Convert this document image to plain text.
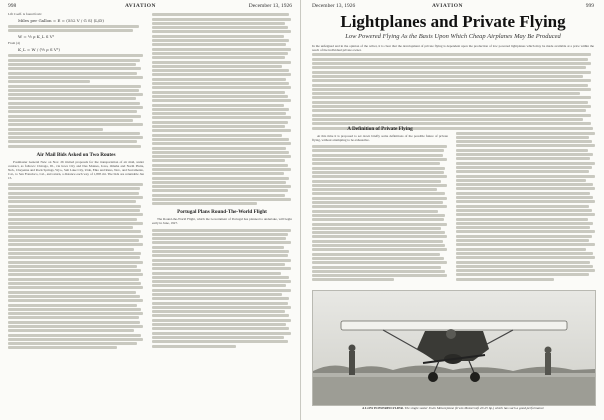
998	AVIATION	December 13, 1926
Lift Coeff. is found from:
Miles per Gallon = E = (552 V / G S) (L/D)
W = ½ ρ K_L S V²
From (4)
K_L = W / (½ ρ S V²)
Air Mail Bids Asked on Two Routes
Postmaster General New on Nov. 26 invited proposals for the transportation of air mail, under contract, as follows: Chicago, Ill., via Iowa City and Des Moines, Iowa, Omaha and North Platte, Neb., Cheyenne and Rock Springs, Wyo., Salt Lake City, Utah, Elko and Reno, Nev., and Sacramento, Cal., to San Francisco, Cal., and return, a distance each way of 1,895 mi. The bids are returnable Jan 15.
Portugal Plans Round-The-World Flight
The Round-the-World Flight, which the Government of Portugal has planned to undertake, will begin early in June, 1927.
December 13, 1926	AVIATION	999
Lightplanes and Private Flying
Low Powered Flying As the Basis Upon Which Cheap Airplanes May Be Produced
In the unfeigned and in the opinion of the writer, it is clear that the development of private flying is dependent upon the production of low powered lightplanes which may be made available at a price within the reach of the individual private owner.
A Definition of Private Flying
At this time it is proposed to set down briefly some definitions of the possible future of private flying, without attempting to be exhaustive.
A LOW POWERED FLIER. The single seater Irwin Meteorplane (Irwin Motorcraft 20-25 hp.) which has such a good performance
